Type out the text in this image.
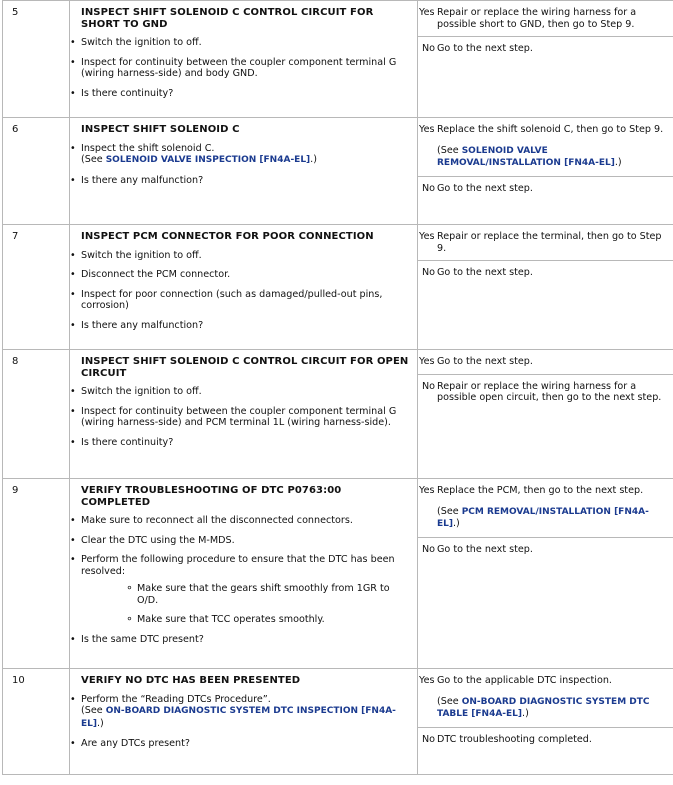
5	INSPECT SHIFT SOLENOID C CONTROL CIRCUIT FOR SHORT TO GND
• Switch the ignition to off.
• Inspect for continuity between the coupler component terminal G (wiring harness-side) and body GND.
• Is there continuity?

Yes	Repair or replace the wiring harness for a possible short to GND, then go to Step 9.
No	Go to the next step.

6	INSPECT SHIFT SOLENOID C
• Inspect the shift solenoid C.
(See SOLENOID VALVE INSPECTION [FN4A-EL].)
• Is there any malfunction?

Yes	Replace the shift solenoid C, then go to Step 9.
(See SOLENOID VALVE REMOVAL/INSTALLATION [FN4A-EL].)

No	Go to the next step.

7	INSPECT PCM CONNECTOR FOR POOR CONNECTION
• Switch the ignition to off.
• Disconnect the PCM connector.
• Inspect for poor connection (such as damaged/pulled-out pins, corrosion)
• Is there any malfunction?

Yes	Repair or replace the terminal, then go to Step 9.
No	Go to the next step.

8	INSPECT SHIFT SOLENOID C CONTROL CIRCUIT FOR OPEN CIRCUIT
• Switch the ignition to off.
• Inspect for continuity between the coupler component terminal G (wiring harness-side) and PCM terminal 1L (wiring harness-side).
• Is there continuity?

Yes	Go to the next step.
No	Repair or replace the wiring harness for a possible open circuit, then go to the next step.

9	VERIFY TROUBLESHOOTING OF DTC P0763:00 COMPLETED
• Make sure to reconnect all the disconnected connectors.
• Clear the DTC using the M-MDS.
• Perform the following procedure to ensure that the DTC has been resolved:
∘ Make sure that the gears shift smoothly from 1GR to O/D.
∘ Make sure that TCC operates smoothly.
• Is the same DTC present?

Yes	Replace the PCM, then go to the next step.
(See PCM REMOVAL/INSTALLATION [FN4A-EL].)

No	Go to the next step.

10	VERIFY NO DTC HAS BEEN PRESENTED
• Perform the “Reading DTCs Procedure”.
(See ON-BOARD DIAGNOSTIC SYSTEM DTC INSPECTION [FN4A-EL].)
• Are any DTCs present?

Yes	Go to the applicable DTC inspection.
(See ON-BOARD DIAGNOSTIC SYSTEM DTC TABLE [FN4A-EL].)

No	DTC troubleshooting completed.
